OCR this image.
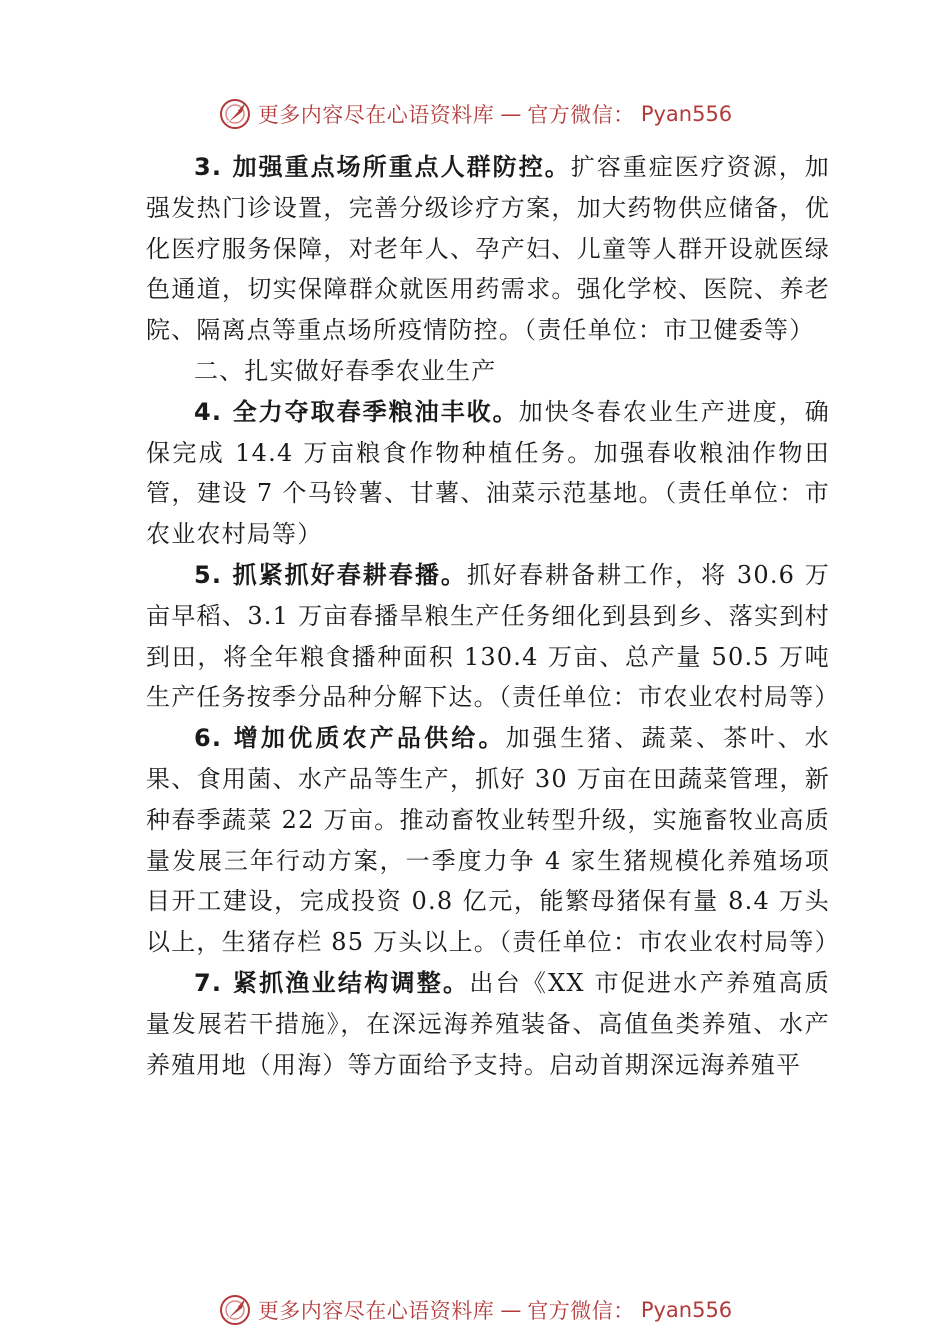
更多内容尽在心语资料库 — 官方微信： Pyan556

3. 加强重点场所重点人群防控。扩容重症医疗资源，加强发热门诊设置，完善分级诊疗方案，加大药物供应储备，优化医疗服务保障，对老年人、孕产妇、儿童等人群开设就医绿色通道，切实保障群众就医用药需求。强化学校、医院、养老院、隔离点等重点场所疫情防控。（责任单位：市卫健委等）

二、扎实做好春季农业生产

4. 全力夺取春季粮油丰收。加快冬春农业生产进度，确保完成 14.4 万亩粮食作物种植任务。加强春收粮油作物田管，建设 7 个马铃薯、甘薯、油菜示范基地。（责任单位：市农业农村局等）

5. 抓紧抓好春耕春播。抓好春耕备耕工作，将 30.6 万亩早稻、3.1 万亩春播旱粮生产任务细化到县到乡、落实到村到田，将全年粮食播种面积 130.4 万亩、总产量 50.5 万吨生产任务按季分品种分解下达。（责任单位：市农业农村局等）

6. 增加优质农产品供给。加强生猪、蔬菜、茶叶、水果、食用菌、水产品等生产，抓好 30 万亩在田蔬菜管理，新种春季蔬菜 22 万亩。推动畜牧业转型升级，实施畜牧业高质量发展三年行动方案，一季度力争 4 家生猪规模化养殖场项目开工建设，完成投资 0.8 亿元，能繁母猪保有量 8.4 万头以上，生猪存栏 85 万头以上。（责任单位：市农业农村局等）

7. 紧抓渔业结构调整。出台《XX 市促进水产养殖高质量发展若干措施》，在深远海养殖装备、高值鱼类养殖、水产养殖用地（用海）等方面给予支持。启动首期深远海养殖平

更多内容尽在心语资料库 — 官方微信： Pyan556
